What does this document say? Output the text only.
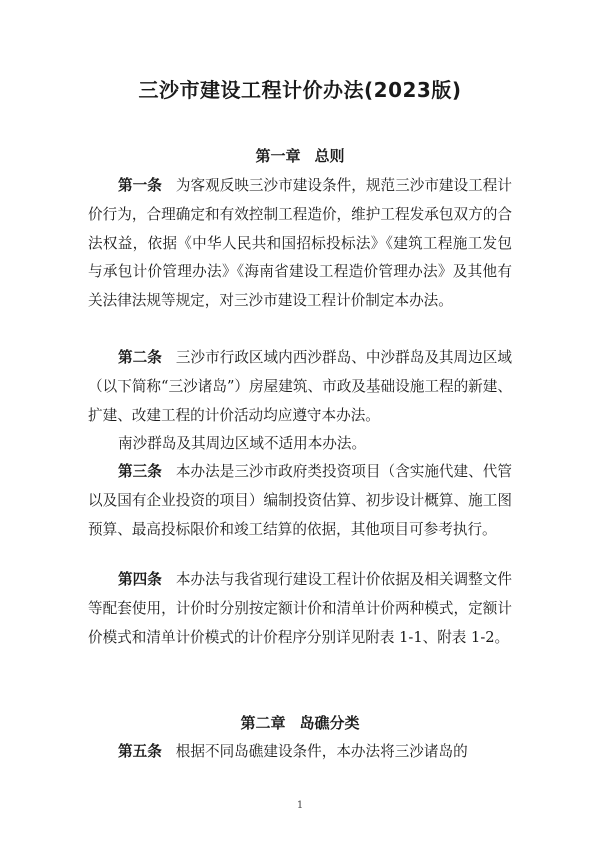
三沙市建设工程计价办法(2023版)
第一章 总则

第一条 为客观反映三沙市建设条件，规范三沙市建设工程计价行为，合理确定和有效控制工程造价，维护工程发承包双方的合法权益，依据《中华人民共和国招标投标法》《建筑工程施工发包与承包计价管理办法》《海南省建设工程造价管理办法》及其他有关法律法规等规定，对三沙市建设工程计价制定本办法。

第二条 三沙市行政区域内西沙群岛、中沙群岛及其周边区域（以下简称“三沙诸岛”）房屋建筑、市政及基础设施工程的新建、扩建、改建工程的计价活动均应遵守本办法。

南沙群岛及其周边区域不适用本办法。

第三条 本办法是三沙市政府类投资项目（含实施代建、代管以及国有企业投资的项目）编制投资估算、初步设计概算、施工图预算、最高投标限价和竣工结算的依据，其他项目可参考执行。

第四条 本办法与我省现行建设工程计价依据及相关调整文件等配套使用，计价时分别按定额计价和清单计价两种模式，定额计价模式和清单计价模式的计价程序分别详见附表 1-1、附表 1-2。

第二章 岛礁分类

第五条 根据不同岛礁建设条件，本办法将三沙诸岛的

1
